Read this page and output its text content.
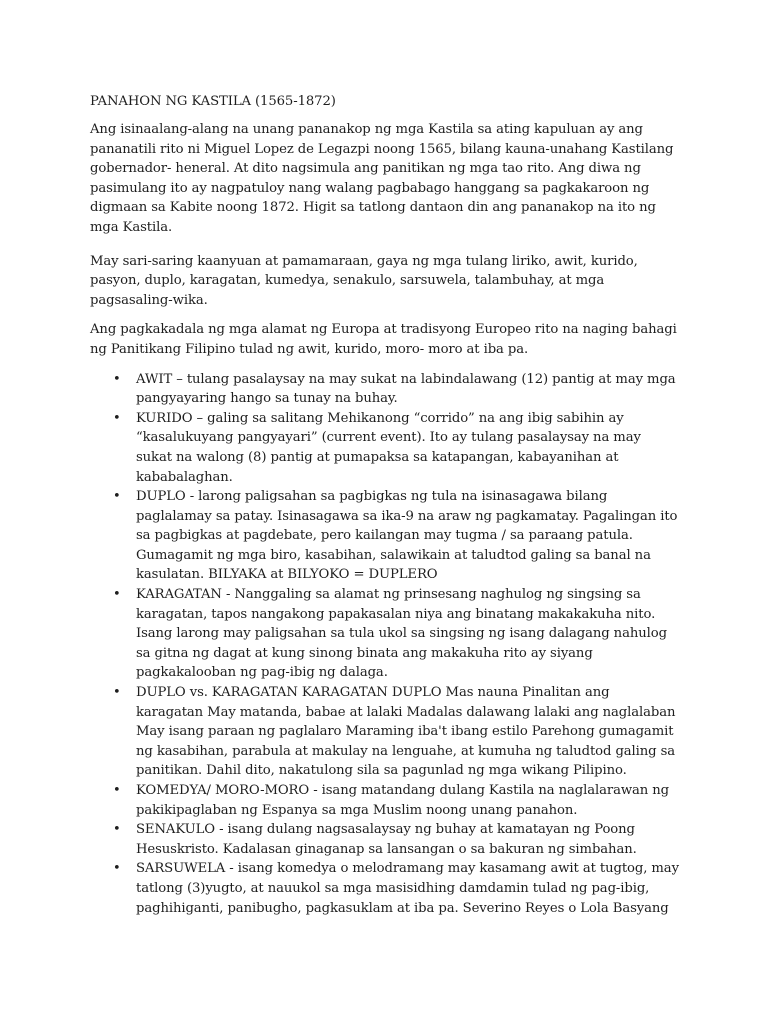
PANAHON NG KASTILA (1565-1872)

Ang isinaalang-alang na unang pananakop ng mga Kastila sa ating kapuluan ay ang pananatili rito ni Miguel Lopez de Legazpi noong 1565, bilang kauna-unahang Kastilang gobernador- heneral. At dito nagsimula ang panitikan ng mga tao rito. Ang diwa ng pasimulang ito ay nagpatuloy nang walang pagbabago hanggang sa pagkakaroon ng digmaan sa Kabite noong 1872. Higit sa tatlong dantaon din ang pananakop na ito ng mga Kastila.

May sari-saring kaanyuan at pamamaraan, gaya ng mga tulang liriko, awit, kurido, pasyon, duplo, karagatan, kumedya, senakulo, sarsuwela, talambuhay, at mga pagsasaling-wika.

Ang pagkakadala ng mga alamat ng Europa at tradisyong Europeo rito na naging bahagi ng Panitikang Filipino tulad ng awit, kurido, moro- moro at iba pa.

• AWIT – tulang pasalaysay na may sukat na labindalawang (12) pantig at may mga pangyayaring hango sa tunay na buhay.
• KURIDO – galing sa salitang Mehikanong “corrido” na ang ibig sabihin ay “kasalukuyang pangyayari” (current event). Ito ay tulang pasalaysay na may sukat na walong (8) pantig at pumapaksa sa katapangan, kabayanihan at kababalaghan.
• DUPLO - larong paligsahan sa pagbigkas ng tula na isinasagawa bilang paglalamay sa patay. Isinasagawa sa ika-9 na araw ng pagkamatay. Pagalingan ito sa pagbigkas at pagdebate, pero kailangan may tugma / sa paraang patula. Gumagamit ng mga biro, kasabihan, salawikain at taludtod galing sa banal na kasulatan. BILYAKA at BILYOKO = DUPLERO
• KARAGATAN - Nanggaling sa alamat ng prinsesang naghulog ng singsing sa karagatan, tapos nangakong papakasalan niya ang binatang makakakuha nito. Isang larong may paligsahan sa tula ukol sa singsing ng isang dalagang nahulog sa gitna ng dagat at kung sinong binata ang makakuha rito ay siyang pagkakalooban ng pag-ibig ng dalaga.
• DUPLO vs. KARAGATAN KARAGATAN DUPLO Mas nauna Pinalitan ang karagatan May matanda, babae at lalaki Madalas dalawang lalaki ang naglalaban May isang paraan ng paglalaro Maraming iba't ibang estilo Parehong gumagamit ng kasabihan, parabula at makulay na lenguahe, at kumuha ng taludtod galing sa panitikan. Dahil dito, nakatulong sila sa pagunlad ng mga wikang Pilipino.
• KOMEDYA/ MORO-MORO - isang matandang dulang Kastila na naglalarawan ng pakikipaglaban ng Espanya sa mga Muslim noong unang panahon.
• SENAKULO - isang dulang nagsasalaysay ng buhay at kamatayan ng Poong Hesuskristo. Kadalasan ginaganap sa lansangan o sa bakuran ng simbahan.
• SARSUWELA - isang komedya o melodramang may kasamang awit at tugtog, may tatlong (3)yugto, at nauukol sa mga masisidhing damdamin tulad ng pag-ibig, paghihiganti, panibugho, pagkasuklam at iba pa. Severino Reyes o Lola Basyang
